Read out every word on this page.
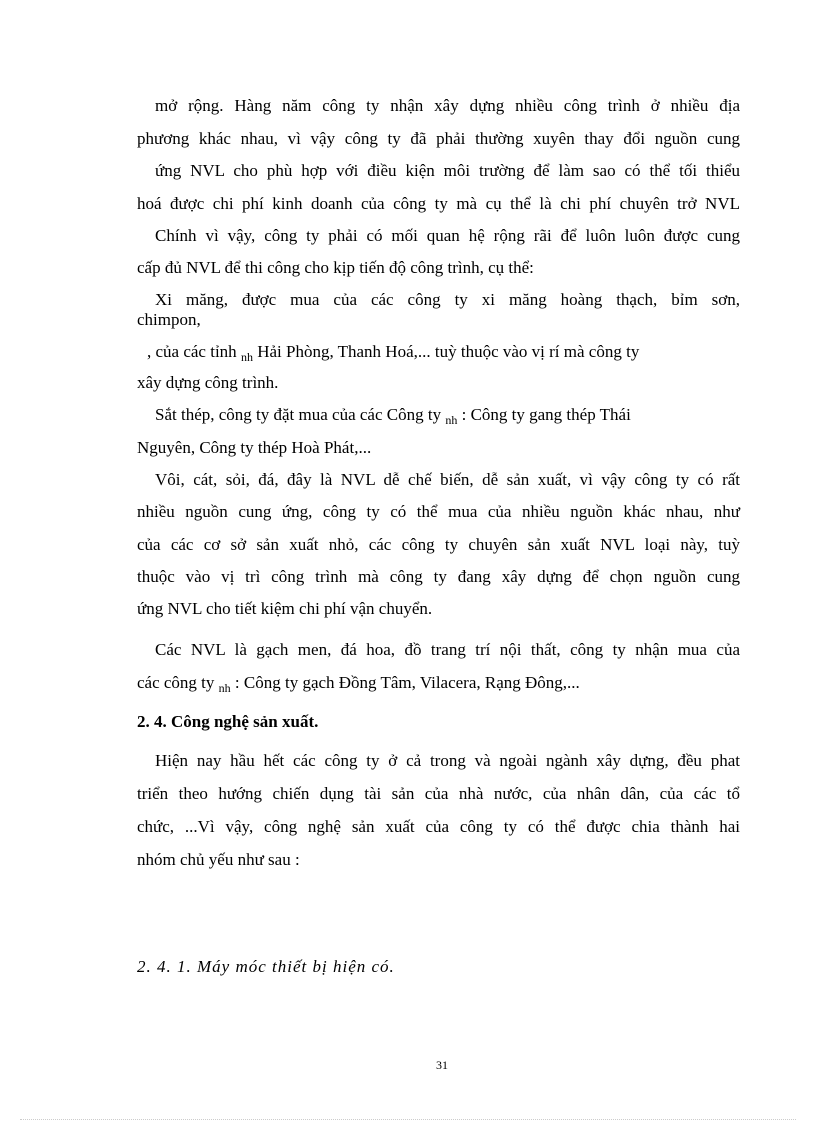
mở rộng. Hàng năm công ty nhận xây dựng nhiều công trình ở nhiều địa
phương khác nhau, vì vậy công ty đã phải thường xuyên thay đổi nguồn cung
ứng NVL cho phù hợp với điều kiện môi trường để làm sao có thể tối thiểu
hoá được chi phí kinh doanh của công ty mà cụ thể là chi phí chuyên trở NVL
Chính vì vậy, công ty phải có mối quan hệ rộng rãi để luôn luôn được cung
cấp đủ NVL để thi công cho kịp tiến độ công trình, cụ thể:
Xi măng, được mua của các công ty xi măng hoàng thạch, bỉm sơn,
chimpon,
, của các tỉnh $_{nh}$ Hải Phòng, Thanh Hoá,... tuỳ thuộc vào vị rí mà công ty
xây dựng công trình.
Sắt thép, công ty đặt mua của các Công ty $_{nh}$ : Công ty gang thép Thái
Nguyên, Công ty thép Hoà Phát,...
Vôi, cát, sỏi, đá, đây là NVL dễ chế biến, dễ sản xuất, vì vậy công ty có rất
nhiều nguồn cung ứng, công ty có thể mua của nhiều nguồn khác nhau, như
của các cơ sở sản xuất nhỏ, các công ty chuyên sản xuất NVL loại này, tuỳ
thuộc vào vị trì công trình mà công ty đang xây dựng để chọn nguồn cung
ứng NVL cho tiết kiệm chi phí vận chuyển.
Các NVL là gạch men, đá hoa, đồ trang trí nội thất, công ty nhận mua của
các công ty $_{nh}$ : Công ty gạch Đồng Tâm, Vilacera, Rạng Đông,...
2. 4. Công nghệ sản xuất.
Hiện nay hầu hết các công ty ở cả trong và ngoài ngành xây dựng, đều phat
triển theo hướng chiến dụng tài sản của nhà nước, của nhân dân, của các tổ
chức, ...Vì vậy, công nghệ sản xuất của công ty có thể được chia thành hai
nhóm chủ yếu như sau :
2. 4. 1. Máy móc thiết bị hiện có.
31
